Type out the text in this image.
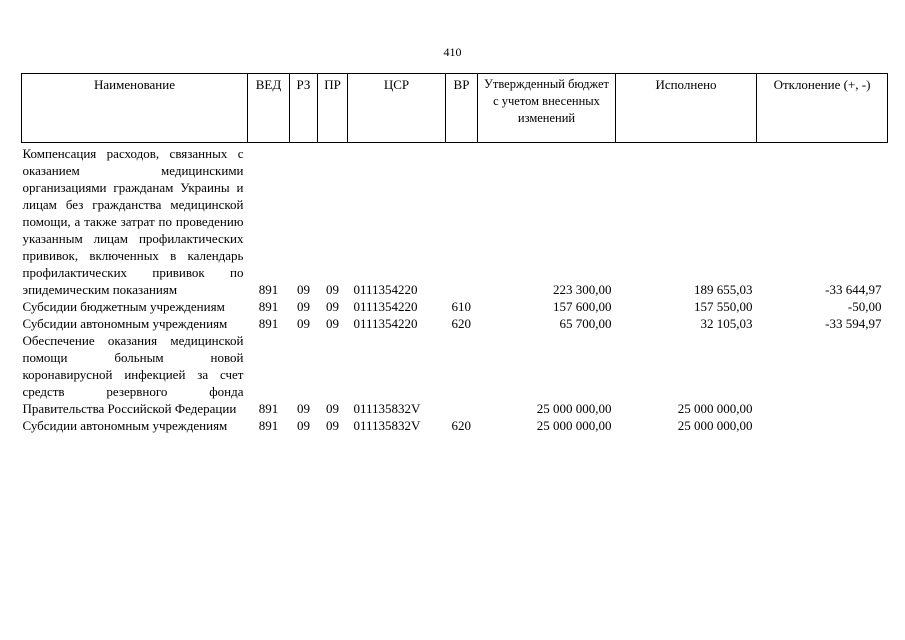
410
Наименование	ВЕД	РЗ	ПР	ЦСР	ВР	Утвержденный бюджет с учетом внесенных изменений	Исполнено	Отклонение (+, -)
Компенсация расходов, связанных с оказанием медицинскими организациями гражданам Украины и лицам без гражданства медицинской помощи, а также затрат по проведению указанным лицам профилактических прививок, включенных в календарь профилактических прививок по эпидемическим показаниям	891	09	09	0111354220		223 300,00	189 655,03	-33 644,97
Субсидии бюджетным учреждениям	891	09	09	0111354220	610	157 600,00	157 550,00	-50,00
Субсидии автономным учреждениям	891	09	09	0111354220	620	65 700,00	32 105,03	-33 594,97
Обеспечение оказания медицинской помощи больным новой коронавирусной инфекцией за счет средств резервного фонда Правительства Российской Федерации	891	09	09	011135832V		25 000 000,00	25 000 000,00	
Субсидии автономным учреждениям	891	09	09	011135832V	620	25 000 000,00	25 000 000,00	
